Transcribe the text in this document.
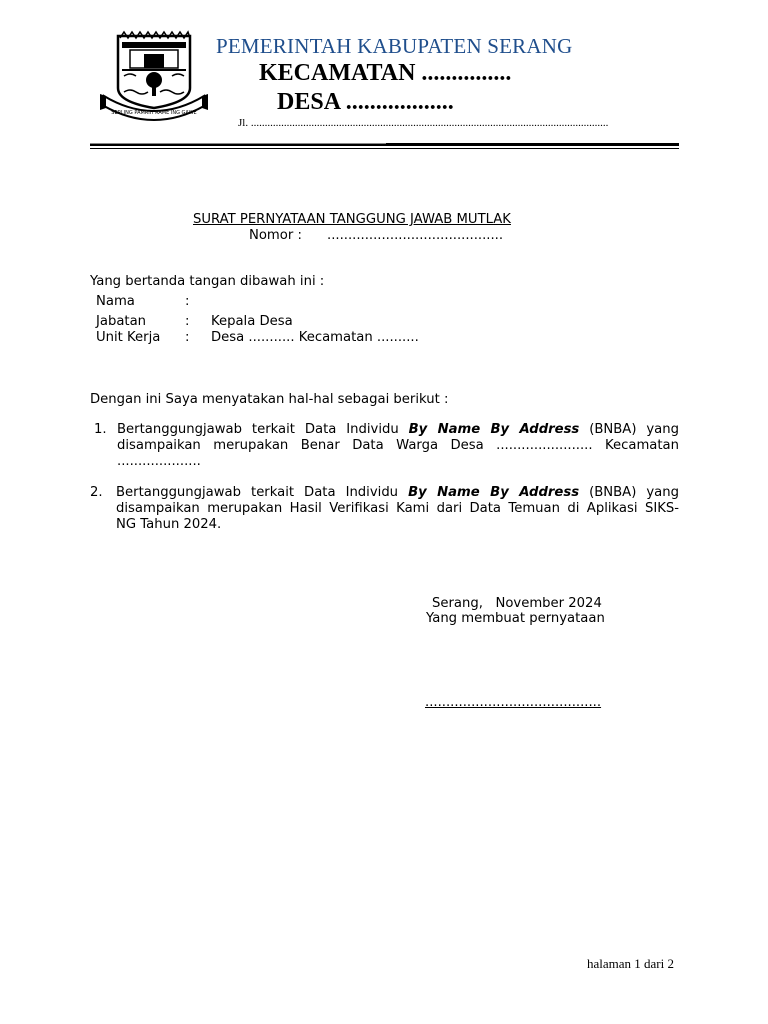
SEPI ING PAMRIH RAME ING GAWE
PEMERINTAH KABUPATEN SERANG
KECAMATAN ...............
DESA ..................
Jl. ..................................................................................................................................
SURAT PERNYATAAN TANGGUNG JAWAB MUTLAK
Nomor : ..........................................
Yang bertanda tangan dibawah ini :
Nama	:
Jabatan	: Kepala Desa
Unit Kerja : Desa ........... Kecamatan ..........
Dengan ini Saya menyatakan hal-hal sebagai berikut :
1. Bertanggungjawab terkait Data Individu By Name By Address (BNBA) yang
disampaikan merupakan Benar Data Warga Desa ....................... Kecamatan
....................
2. Bertanggungjawab terkait Data Individu By Name By Address (BNBA) yang
disampaikan merupakan Hasil Verifikasi Kami dari Data Temuan di Aplikasi SIKS-
NG Tahun 2024.
Serang,   November 2024
Yang membuat pernyataan
..........................................
halaman 1 dari 2
